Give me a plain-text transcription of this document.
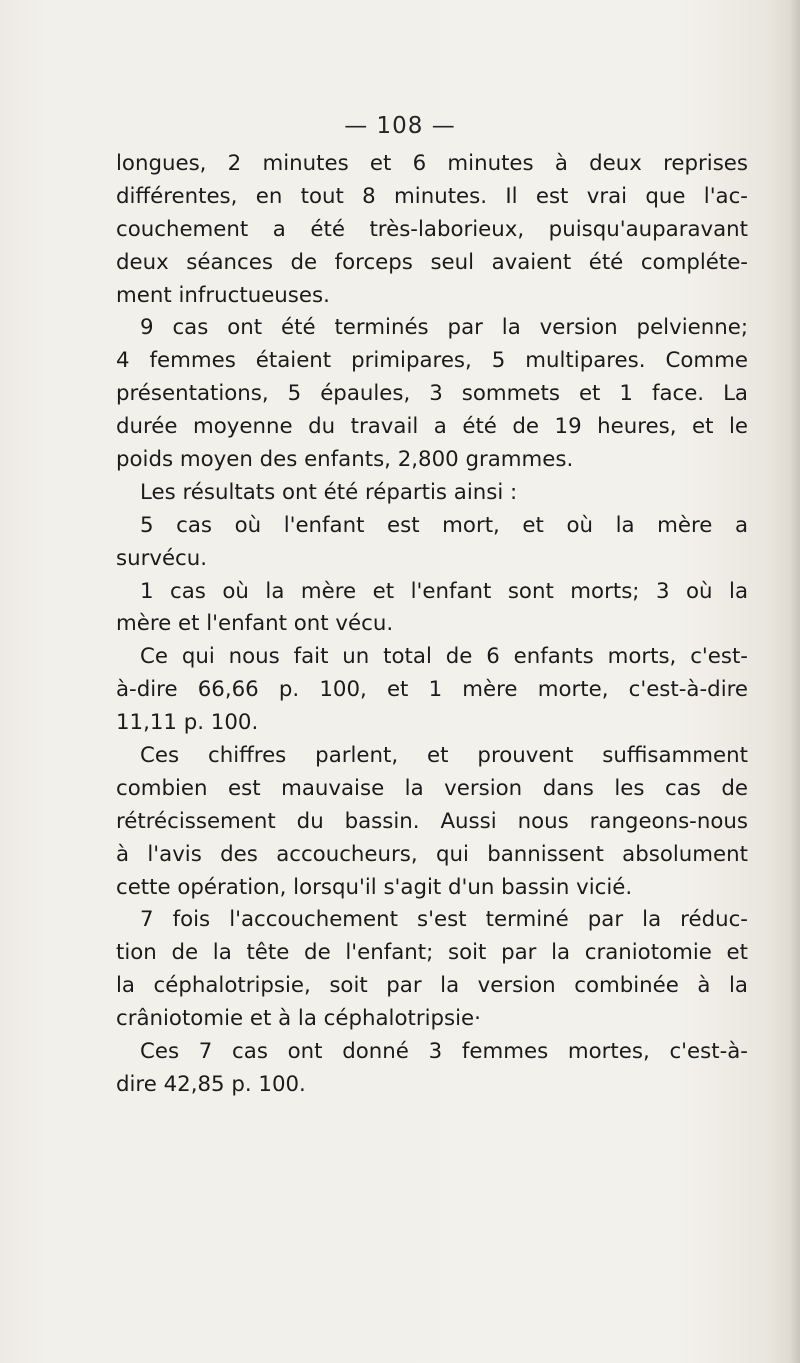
— 108 —
longues, 2 minutes et 6 minutes à deux reprises
différentes, en tout 8 minutes. Il est vrai que l'ac-
couchement a été très-laborieux, puisqu'auparavant
deux séances de forceps seul avaient été compléte-
ment infructueuses.
9 cas ont été terminés par la version pelvienne;
4 femmes étaient primipares, 5 multipares. Comme
présentations, 5 épaules, 3 sommets et 1 face. La
durée moyenne du travail a été de 19 heures, et le
poids moyen des enfants, 2,800 grammes.
Les résultats ont été répartis ainsi :
5 cas où l'enfant est mort, et où la mère a
survécu.
1 cas où la mère et l'enfant sont morts; 3 où la
mère et l'enfant ont vécu.
Ce qui nous fait un total de 6 enfants morts, c'est-
à-dire 66,66 p. 100, et 1 mère morte, c'est-à-dire
11,11 p. 100.
Ces chiffres parlent, et prouvent suffisamment
combien est mauvaise la version dans les cas de
rétrécissement du bassin. Aussi nous rangeons-nous
à l'avis des accoucheurs, qui bannissent absolument
cette opération, lorsqu'il s'agit d'un bassin vicié.
7 fois l'accouchement s'est terminé par la réduc-
tion de la tête de l'enfant; soit par la craniotomie et
la céphalotripsie, soit par la version combinée à la
crâniotomie et à la céphalotripsie·
Ces 7 cas ont donné 3 femmes mortes, c'est-à-
dire 42,85 p. 100.
